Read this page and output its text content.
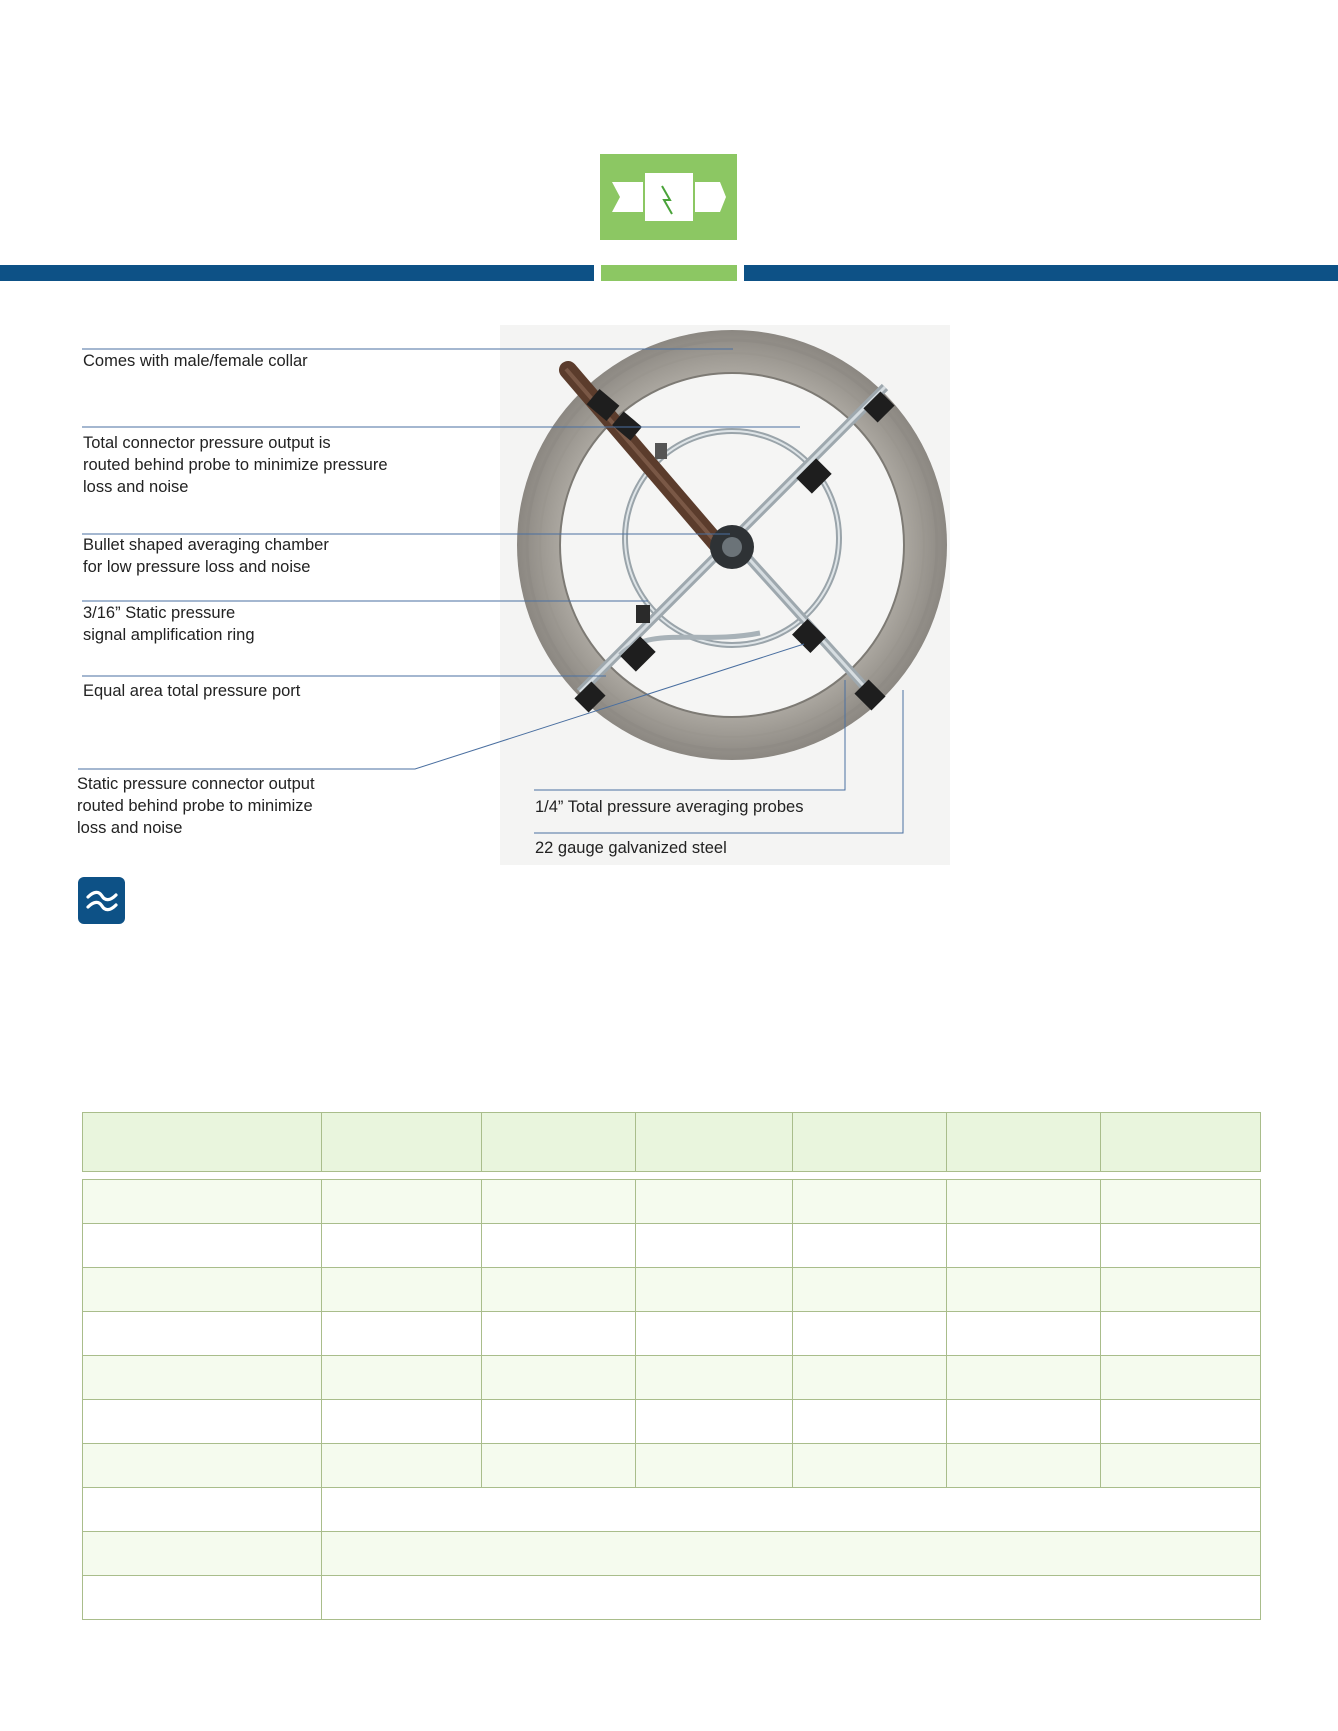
Comes with male/female collar
Total connector pressure output is
routed behind probe to minimize pressure
loss and noise
Bullet shaped averaging chamber
for low pressure loss and noise
3/16” Static pressure
signal amplification ring
Equal area total pressure port
Static pressure connector output
routed behind probe to minimize
loss and noise
1/4” Total pressure averaging probes
22 gauge galvanized steel
